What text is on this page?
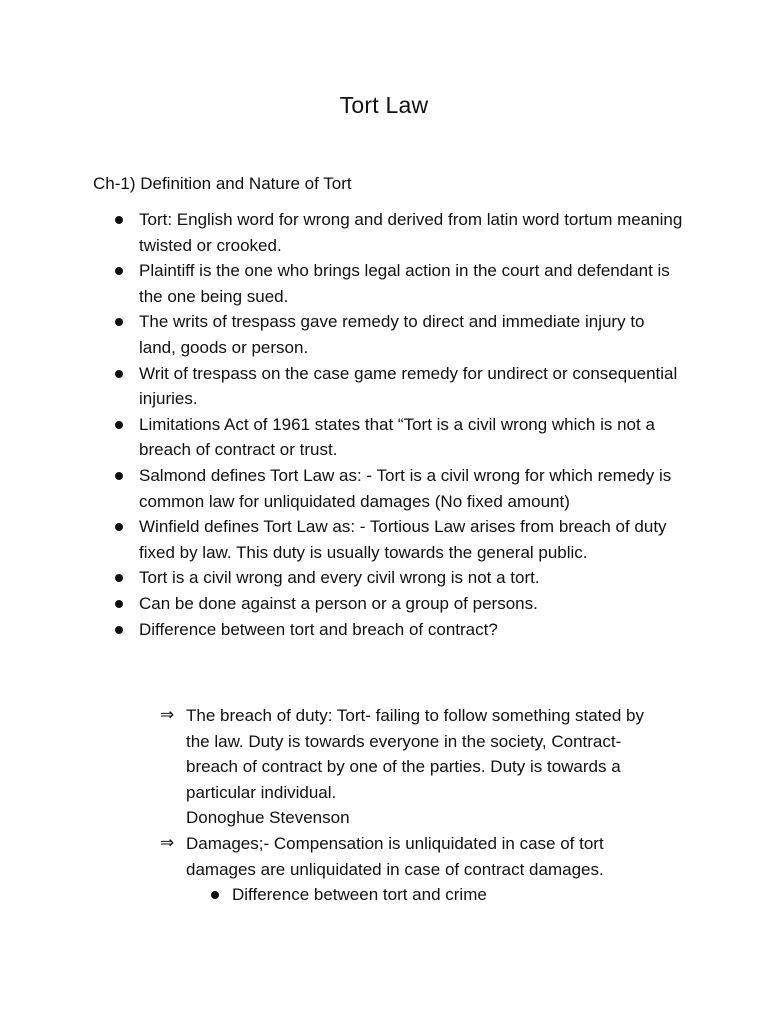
Tort Law
Ch-1) Definition and Nature of Tort
Tort: English word for wrong and derived from latin word tortum meaning twisted or crooked.
Plaintiff is the one who brings legal action in the court and defendant is the one being sued.
The writs of trespass gave remedy to direct and immediate injury to land, goods or person.
Writ of trespass on the case game remedy for undirect or consequential injuries.
Limitations Act of 1961 states that “Tort is a civil wrong which is not a breach of contract or trust.
Salmond defines Tort Law as: - Tort is a civil wrong for which remedy is common law for unliquidated damages (No fixed amount)
Winfield defines Tort Law as: - Tortious Law arises from breach of duty fixed by law. This duty is usually towards the general public.
Tort is a civil wrong and every civil wrong is not a tort.
Can be done against a person or a group of persons.
Difference between tort and breach of contract?
⇒ The breach of duty: Tort- failing to follow something stated by the law. Duty is towards everyone in the society, Contract- breach of contract by one of the parties. Duty is towards a particular individual.
Donoghue Stevenson
⇒ Damages;- Compensation is unliquidated in case of tort damages are unliquidated in case of contract damages.
Difference between tort and crime
